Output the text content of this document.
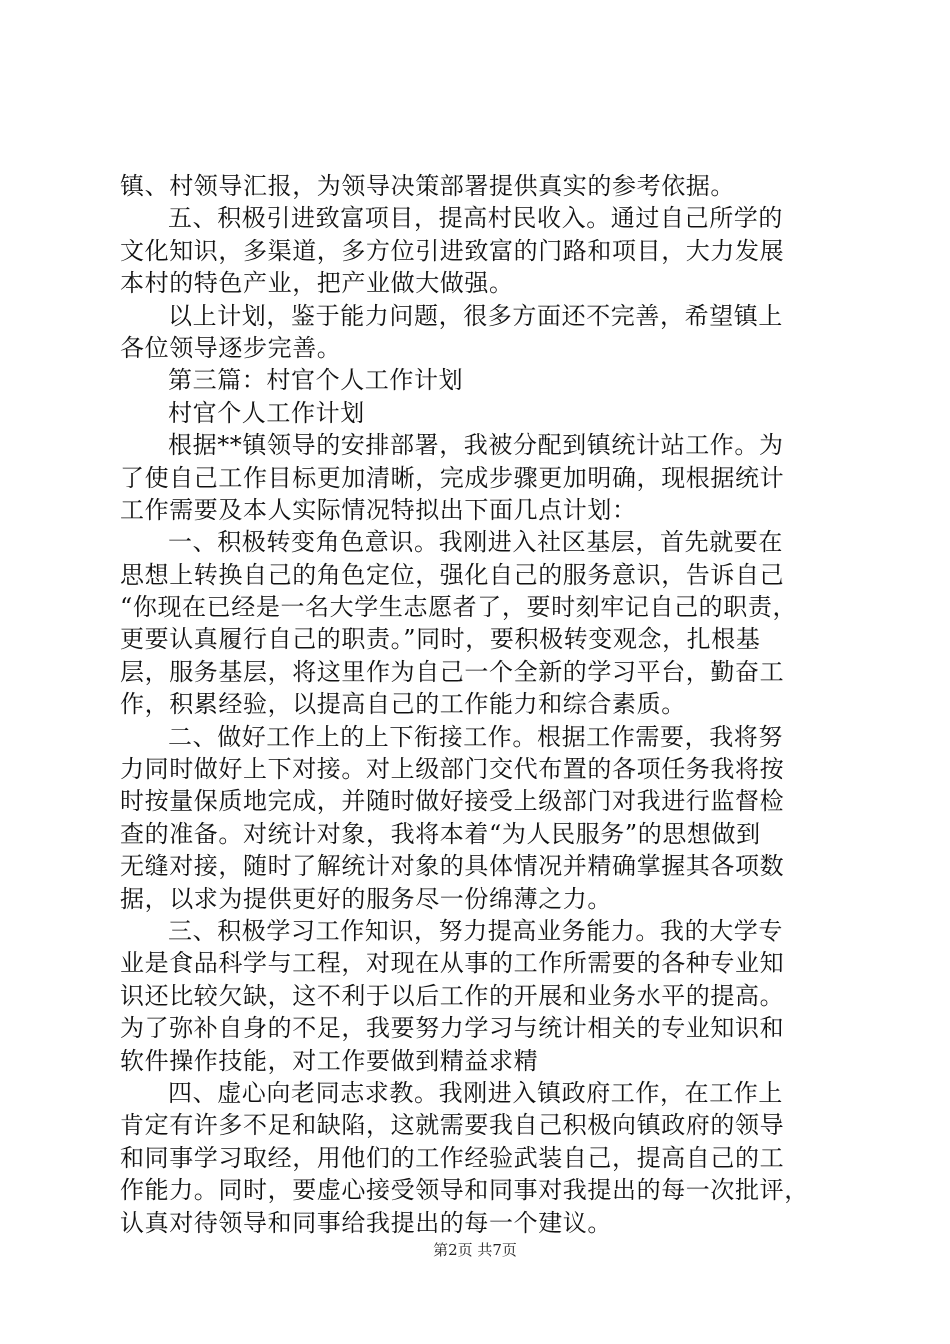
镇、村领导汇报，为领导决策部署提供真实的参考依据。
五、积极引进致富项目，提高村民收入。通过自己所学的
文化知识，多渠道，多方位引进致富的门路和项目，大力发展
本村的特色产业，把产业做大做强。
以上计划，鉴于能力问题，很多方面还不完善，希望镇上
各位领导逐步完善。
第三篇：村官个人工作计划
村官个人工作计划
根据**镇领导的安排部署，我被分配到镇统计站工作。为
了使自己工作目标更加清晰，完成步骤更加明确，现根据统计
工作需要及本人实际情况特拟出下面几点计划：
一、积极转变角色意识。我刚进入社区基层，首先就要在
思想上转换自己的角色定位，强化自己的服务意识，告诉自己
“你现在已经是一名大学生志愿者了，要时刻牢记自己的职责，
更要认真履行自己的职责。”同时，要积极转变观念，扎根基
层，服务基层，将这里作为自己一个全新的学习平台，勤奋工
作，积累经验，以提高自己的工作能力和综合素质。
二、做好工作上的上下衔接工作。根据工作需要，我将努
力同时做好上下对接。对上级部门交代布置的各项任务我将按
时按量保质地完成，并随时做好接受上级部门对我进行监督检
查的准备。对统计对象，我将本着“为人民服务”的思想做到
无缝对接，随时了解统计对象的具体情况并精确掌握其各项数
据，以求为提供更好的服务尽一份绵薄之力。
三、积极学习工作知识，努力提高业务能力。我的大学专
业是食品科学与工程，对现在从事的工作所需要的各种专业知
识还比较欠缺，这不利于以后工作的开展和业务水平的提高。
为了弥补自身的不足，我要努力学习与统计相关的专业知识和
软件操作技能，对工作要做到精益求精
四、虚心向老同志求教。我刚进入镇政府工作，在工作上
肯定有许多不足和缺陷，这就需要我自己积极向镇政府的领导
和同事学习取经，用他们的工作经验武装自己，提高自己的工
作能力。同时，要虚心接受领导和同事对我提出的每一次批评，
认真对待领导和同事给我提出的每一个建议。
第2页 共7页
